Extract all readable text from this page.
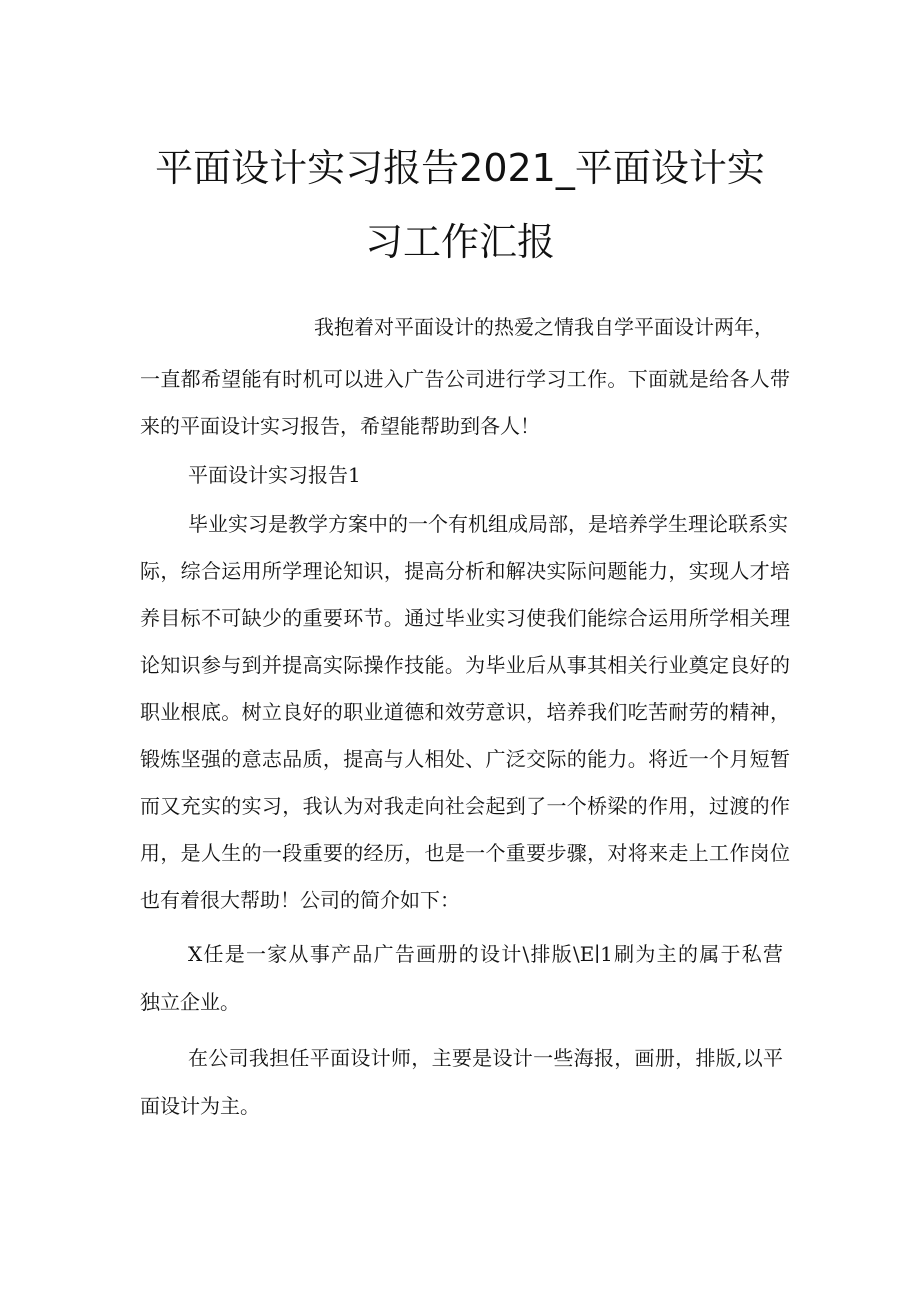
平面设计实习报告2021_平面设计实
习工作汇报

我抱着对平面设计的热爱之情我自学平面设计两年，

一直都希望能有时机可以进入广告公司进行学习工作。下面就是给各人带

来的平面设计实习报告，希望能帮助到各人！

平面设计实习报告1

毕业实习是教学方案中的一个有机组成局部，是培养学生理论联系实

际，综合运用所学理论知识，提高分析和解决实际问题能力，实现人才培

养目标不可缺少的重要环节。通过毕业实习使我们能综合运用所学相关理

论知识参与到并提高实际操作技能。为毕业后从事其相关行业奠定良好的

职业根底。树立良好的职业道德和效劳意识，培养我们吃苦耐劳的精神，

锻炼坚强的意志品质，提高与人相处、广泛交际的能力。将近一个月短暂

而又充实的实习，我认为对我走向社会起到了一个桥梁的作用，过渡的作

用，是人生的一段重要的经历，也是一个重要步骤，对将来走上工作岗位

也有着很大帮助！公司的简介如下：

X任是一家从事产品广告画册的设计\排版\E∣1刷为主的属于私营

独立企业。

在公司我担任平面设计师，主要是设计一些海报，画册，排版,以平

面设计为主。
